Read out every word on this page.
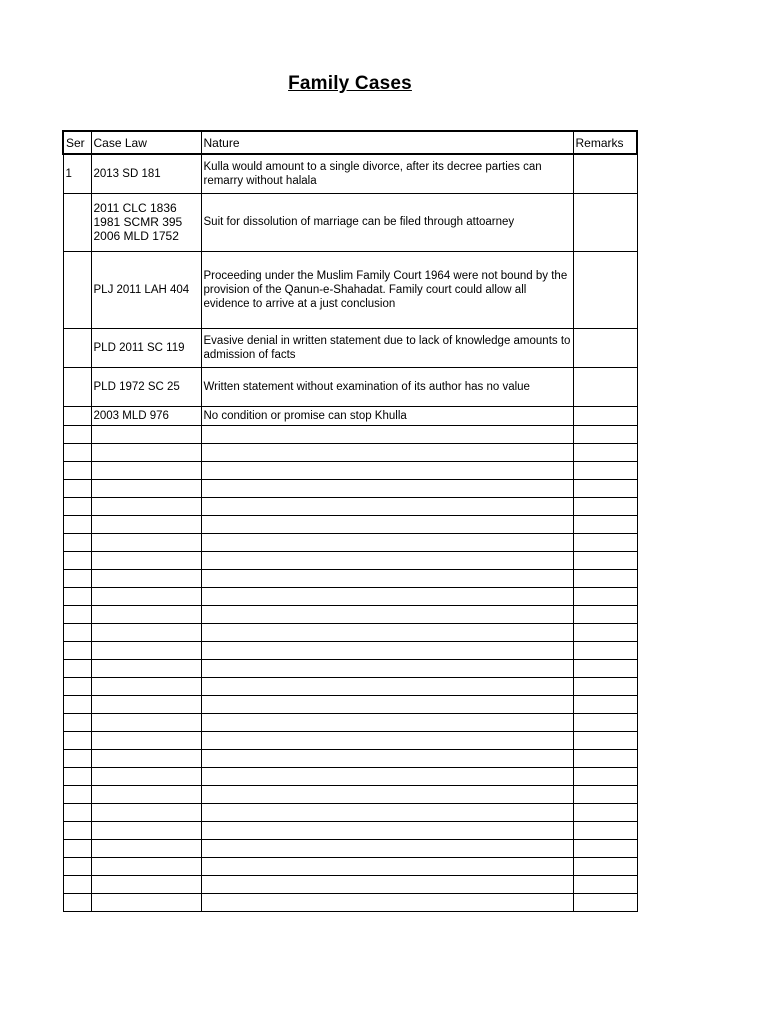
Family Cases
Ser	Case Law	Nature	Remarks
1	2013 SD 181	Kulla would amount to a single divorce, after its decree parties can remarry without halala	
	2011 CLC 1836
1981 SCMR 395
2006 MLD 1752	Suit for dissolution of marriage can be filed through attoarney	
	PLJ 2011 LAH 404	Proceeding under the Muslim Family Court 1964 were not bound by the provision of the Qanun-e-Shahadat. Family court could allow all evidence to arrive at a just conclusion	
	PLD 2011 SC 119	Evasive denial in written statement due to lack of knowledge amounts to admission of facts	
	PLD 1972 SC 25	Written statement without examination of its author has no value	
	2003 MLD 976	No condition or promise can stop Khulla	
